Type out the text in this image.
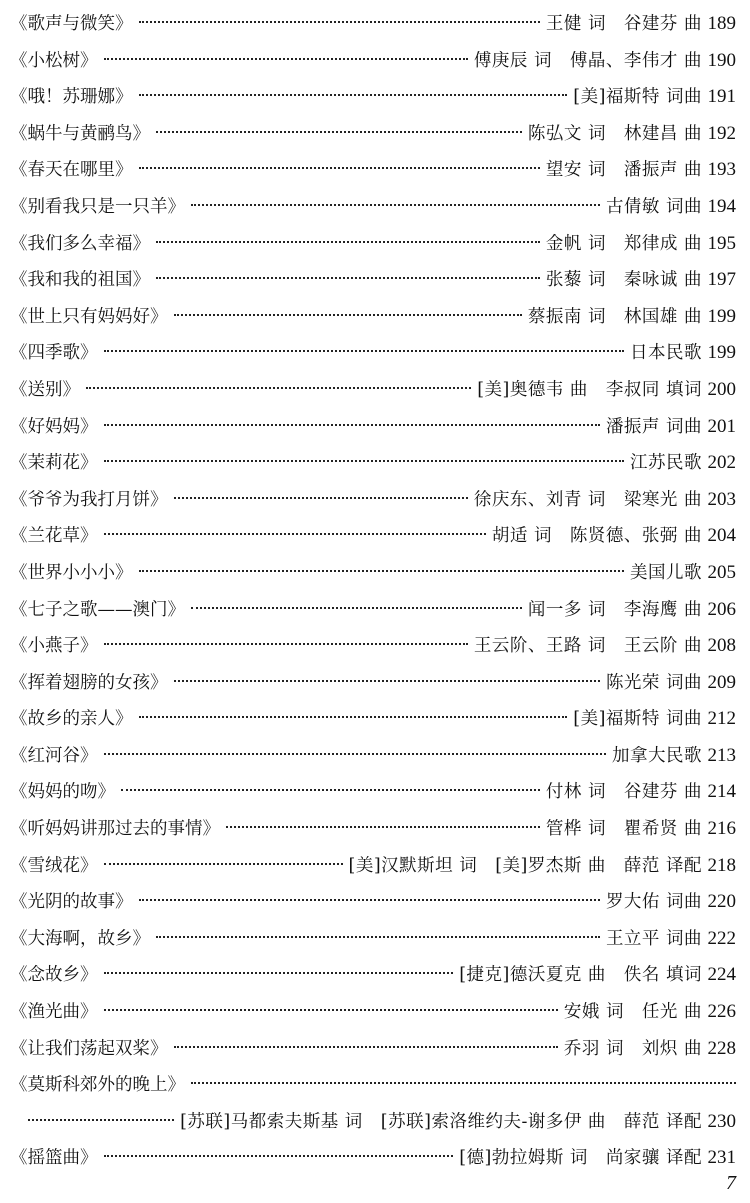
《歌声与微笑》	王健 词　谷建芬 曲 189
《小松树》	傅庚辰 词　傅晶、李伟才 曲 190
《哦！苏珊娜》	[美]福斯特 词曲 191
《蜗牛与黄鹂鸟》	陈弘文 词　林建昌 曲 192
《春天在哪里》	望安 词　潘振声 曲 193
《别看我只是一只羊》	古倩敏 词曲 194
《我们多么幸福》	金帆 词　郑律成 曲 195
《我和我的祖国》	张藜 词　秦咏诚 曲 197
《世上只有妈妈好》	蔡振南 词　林国雄 曲 199
《四季歌》	日本民歌 199
《送别》	[美]奥德韦 曲　李叔同 填词 200
《好妈妈》	潘振声 词曲 201
《茉莉花》	江苏民歌 202
《爷爷为我打月饼》	徐庆东、刘青 词　梁寒光 曲 203
《兰花草》	胡适 词　陈贤德、张弼 曲 204
《世界小小小》	美国儿歌 205
《七子之歌——澳门》	闻一多 词　李海鹰 曲 206
《小燕子》	王云阶、王路 词　王云阶 曲 208
《挥着翅膀的女孩》	陈光荣 词曲 209
《故乡的亲人》	[美]福斯特 词曲 212
《红河谷》	加拿大民歌 213
《妈妈的吻》	付林 词　谷建芬 曲 214
《听妈妈讲那过去的事情》	管桦 词　瞿希贤 曲 216
《雪绒花》	[美]汉默斯坦 词　[美]罗杰斯 曲　薛范 译配 218
《光阴的故事》	罗大佑 词曲 220
《大海啊，故乡》	王立平 词曲 222
《念故乡》	[捷克]德沃夏克 曲　佚名 填词 224
《渔光曲》	安娥 词　任光 曲 226
《让我们荡起双桨》	乔羽 词　刘炽 曲 228
《莫斯科郊外的晚上》
[苏联]马都索夫斯基 词　[苏联]索洛维约夫-谢多伊 曲　薛范 译配 230
《摇篮曲》	[德]勃拉姆斯 词　尚家骧 译配 231
7
